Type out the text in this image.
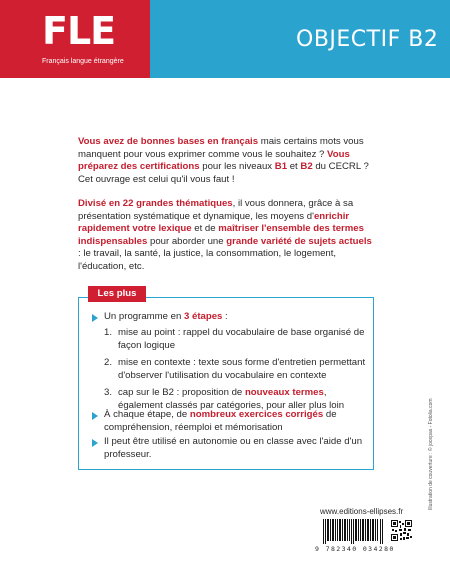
FLE
Français langue étrangère
OBJECTIF B2
Vous avez de bonnes bases en français mais certains mots vous manquent pour vous exprimer comme vous le souhaitez ? Vous préparez des certifications pour les niveaux B1 et B2 du CECRL ? Cet ouvrage est celui qu'il vous faut !
Divisé en 22 grandes thématiques, il vous donnera, grâce à sa présentation systématique et dynamique, les moyens d'enrichir rapidement votre lexique et de maîtriser l'ensemble des termes indispensables pour aborder une grande variété de sujets actuels : le travail, la santé, la justice, la consommation, le logement, l'éducation, etc.
Les plus
Un programme en 3 étapes :
1. mise au point : rappel du vocabulaire de base organisé de façon logique
2. mise en contexte : texte sous forme d'entretien permettant d'observer l'utilisation du vocabulaire en contexte
3. cap sur le B2 : proposition de nouveaux termes, également classés par catégories, pour aller plus loin
À chaque étape, de nombreux exercices corrigés de compréhension, réemploi et mémorisation
Il peut être utilisé en autonomie ou en classe avec l'aide d'un professeur.
www.editions-ellipses.fr
9 782340 034280
Illustration de couverture : © jocepas - Fotolia.com
